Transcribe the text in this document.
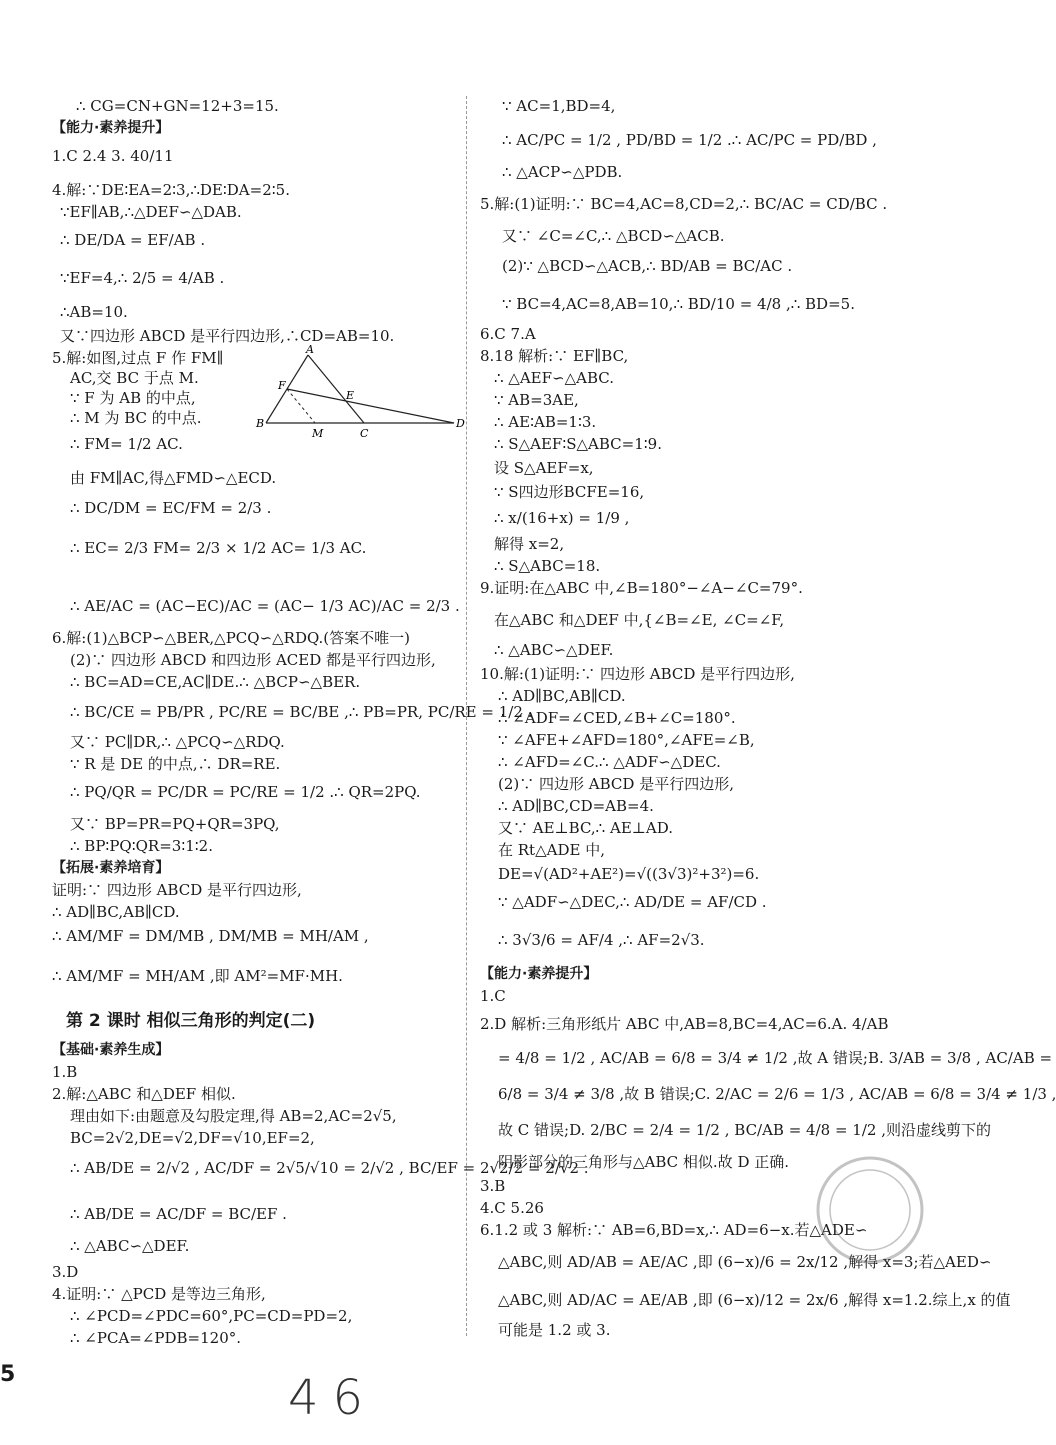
∴ CG=CN+GN=12+3=15.
【能力·素养提升】
1.C 2.4 3. 40/11
4.解:∵DE∶EA=2∶3,∴DE∶DA=2∶5.
∵EF∥AB,∴△DEF∽△DAB.
∴ DE/DA = EF/AB .
∵EF=4,∴ 2/5 = 4/AB .
∴AB=10.
又∵四边形 ABCD 是平行四边形,∴CD=AB=10.
5.解:如图,过点 F 作 FM∥
AC,交 BC 于点 M.
∵ F 为 AB 的中点,
∴ M 为 BC 的中点.
∴ FM= 1/2 AC.
由 FM∥AC,得△FMD∽△ECD.
∴ DC/DM = EC/FM = 2/3 .
∴ EC= 2/3 FM= 2/3 × 1/2 AC= 1/3 AC.
∴ AE/AC = (AC−EC)/AC = (AC− 1/3 AC)/AC = 2/3 .
6.解:(1)△BCP∽△BER,△PCQ∽△RDQ.(答案不唯一)
(2)∵ 四边形 ABCD 和四边形 ACED 都是平行四边形,
∴ BC=AD=CE,AC∥DE.∴ △BCP∽△BER.
∴ BC/CE = PB/PR , PC/RE = BC/BE ,∴ PB=PR, PC/RE = 1/2 .
又∵ PC∥DR,∴ △PCQ∽△RDQ.
∵ R 是 DE 的中点,∴ DR=RE.
∴ PQ/QR = PC/DR = PC/RE = 1/2 .∴ QR=2PQ.
又∵ BP=PR=PQ+QR=3PQ,
∴ BP∶PQ∶QR=3∶1∶2.
【拓展·素养培育】
证明:∵ 四边形 ABCD 是平行四边形,
∴ AD∥BC,AB∥CD.
∴ AM/MF = DM/MB , DM/MB = MH/AM ,
∴ AM/MF = MH/AM ,即 AM²=MF·MH.
【基础·素养生成】
1.B
2.解:△ABC 和△DEF 相似.
理由如下:由题意及勾股定理,得 AB=2,AC=2√5,
BC=2√2,DE=√2,DF=√10,EF=2,
∴ AB/DE = 2/√2 , AC/DF = 2√5/√10 = 2/√2 , BC/EF = 2√2/2 = 2/√2 .
∴ AB/DE = AC/DF = BC/EF .
∴ △ABC∽△DEF.
3.D
4.证明:∵ △PCD 是等边三角形,
∴ ∠PCD=∠PDC=60°,PC=CD=PD=2,
∴ ∠PCA=∠PDB=120°.
第 2 课时 相似三角形的判定(二)
A
B
C
D
E
F
M
∵ AC=1,BD=4,
∴ AC/PC = 1/2 , PD/BD = 1/2 .∴ AC/PC = PD/BD ,
∴ △ACP∽△PDB.
5.解:(1)证明:∵ BC=4,AC=8,CD=2,∴ BC/AC = CD/BC .
又∵ ∠C=∠C,∴ △BCD∽△ACB.
(2)∵ △BCD∽△ACB,∴ BD/AB = BC/AC .
∵ BC=4,AC=8,AB=10,∴ BD/10 = 4/8 ,∴ BD=5.
6.C 7.A
8.18 解析:∵ EF∥BC,
∴ △AEF∽△ABC.
∵ AB=3AE,
∴ AE∶AB=1∶3.
∴ S△AEF∶S△ABC=1∶9.
设 S△AEF=x,
∵ S四边形BCFE=16,
∴ x/(16+x) = 1/9 ,
解得 x=2,
∴ S△ABC=18.
9.证明:在△ABC 中,∠B=180°−∠A−∠C=79°.
在△ABC 和△DEF 中,{∠B=∠E, ∠C=∠F,
∴ △ABC∽△DEF.
10.解:(1)证明:∵ 四边形 ABCD 是平行四边形,
∴ AD∥BC,AB∥CD.
∴ ∠ADF=∠CED,∠B+∠C=180°.
∵ ∠AFE+∠AFD=180°,∠AFE=∠B,
∴ ∠AFD=∠C.∴ △ADF∽△DEC.
(2)∵ 四边形 ABCD 是平行四边形,
∴ AD∥BC,CD=AB=4.
又∵ AE⊥BC,∴ AE⊥AD.
在 Rt△ADE 中,
DE=√(AD²+AE²)=√((3√3)²+3²)=6.
∵ △ADF∽△DEC,∴ AD/DE = AF/CD .
∴ 3√3/6 = AF/4 ,∴ AF=2√3.
【能力·素养提升】
1.C
2.D 解析:三角形纸片 ABC 中,AB=8,BC=4,AC=6.A. 4/AB
= 4/8 = 1/2 , AC/AB = 6/8 = 3/4 ≠ 1/2 ,故 A 错误;B. 3/AB = 3/8 , AC/AB =
6/8 = 3/4 ≠ 3/8 ,故 B 错误;C. 2/AC = 2/6 = 1/3 , AC/AB = 6/8 = 3/4 ≠ 1/3 ,
故 C 错误;D. 2/BC = 2/4 = 1/2 , BC/AB = 4/8 = 1/2 ,则沿虚线剪下的
阴影部分的三角形与△ABC 相似.故 D 正确.
3.B
4.C 5.26
6.1.2 或 3 解析:∵ AB=6,BD=x,∴ AD=6−x.若△ADE∽
△ABC,则 AD/AB = AE/AC ,即 (6−x)/6 = 2x/12 ,解得 x=3;若△AED∽
△ABC,则 AD/AC = AE/AB ,即 (6−x)/12 = 2x/6 ,解得 x=1.2.综上,x 的值
可能是 1.2 或 3.
5	46
